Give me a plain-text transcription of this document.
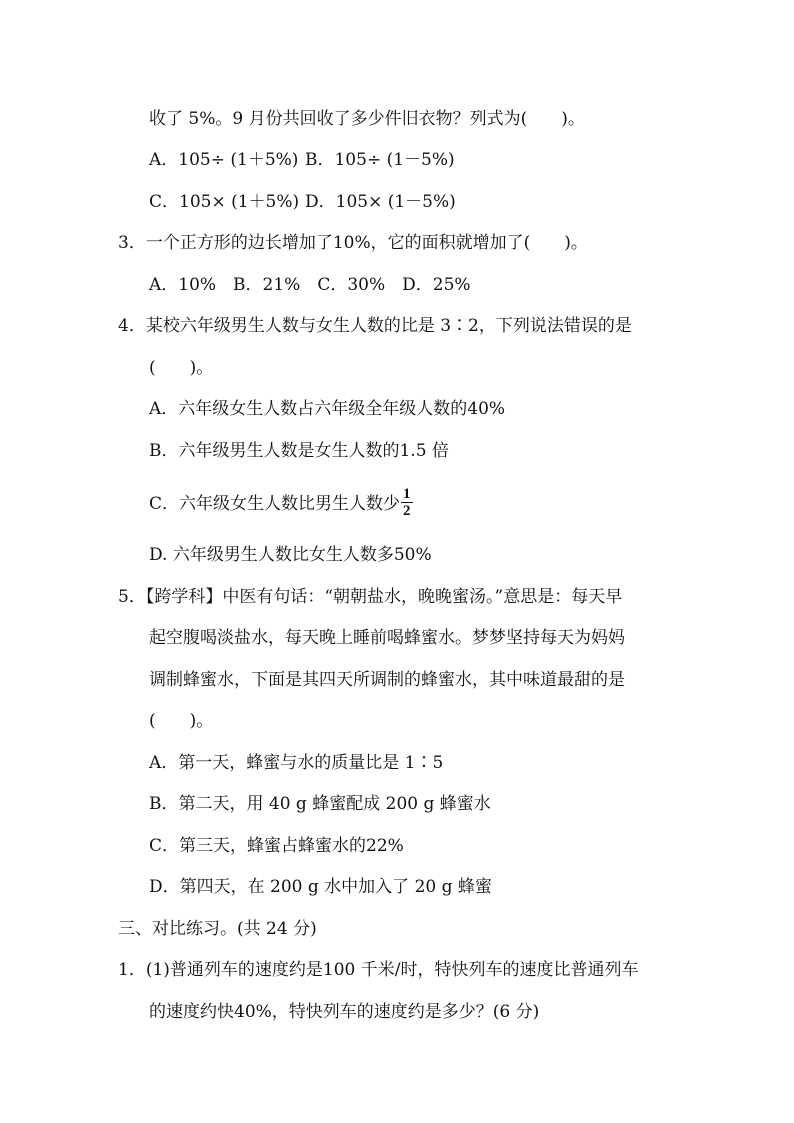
收了 5%。9 月份共回收了多少件旧衣物？列式为(　　)。
A．105÷ (1＋5%) B．105÷ (1－5%)
C．105× (1＋5%) D．105× (1－5%)
3．一个正方形的边长增加了10%，它的面积就增加了(　　)。
A．10%　B．21%　C．30%　D．25%
4．某校六年级男生人数与女生人数的比是 3∶2，下列说法错误的是
(　　)。
A．六年级女生人数占六年级全年级人数的40%
B．六年级男生人数是女生人数的1.5 倍
C．六年级女生人数比男生人数少 $\frac{1}{2}$
D. 六年级男生人数比女生人数多50%
5．【跨学科】中医有句话：“朝朝盐水，晚晚蜜汤。”意思是：每天早
起空腹喝淡盐水，每天晚上睡前喝蜂蜜水。梦梦坚持每天为妈妈
调制蜂蜜水，下面是其四天所调制的蜂蜜水，其中味道最甜的是
(　　)。
A．第一天，蜂蜜与水的质量比是 1∶5
B．第二天，用 40 g 蜂蜜配成 200 g 蜂蜜水
C．第三天，蜂蜜占蜂蜜水的22%
D．第四天，在 200 g 水中加入了 20 g 蜂蜜
三、对比练习。(共 24 分)
1．(1)普通列车的速度约是100 千米/时，特快列车的速度比普通列车
的速度约快40%，特快列车的速度约是多少？(6 分)
